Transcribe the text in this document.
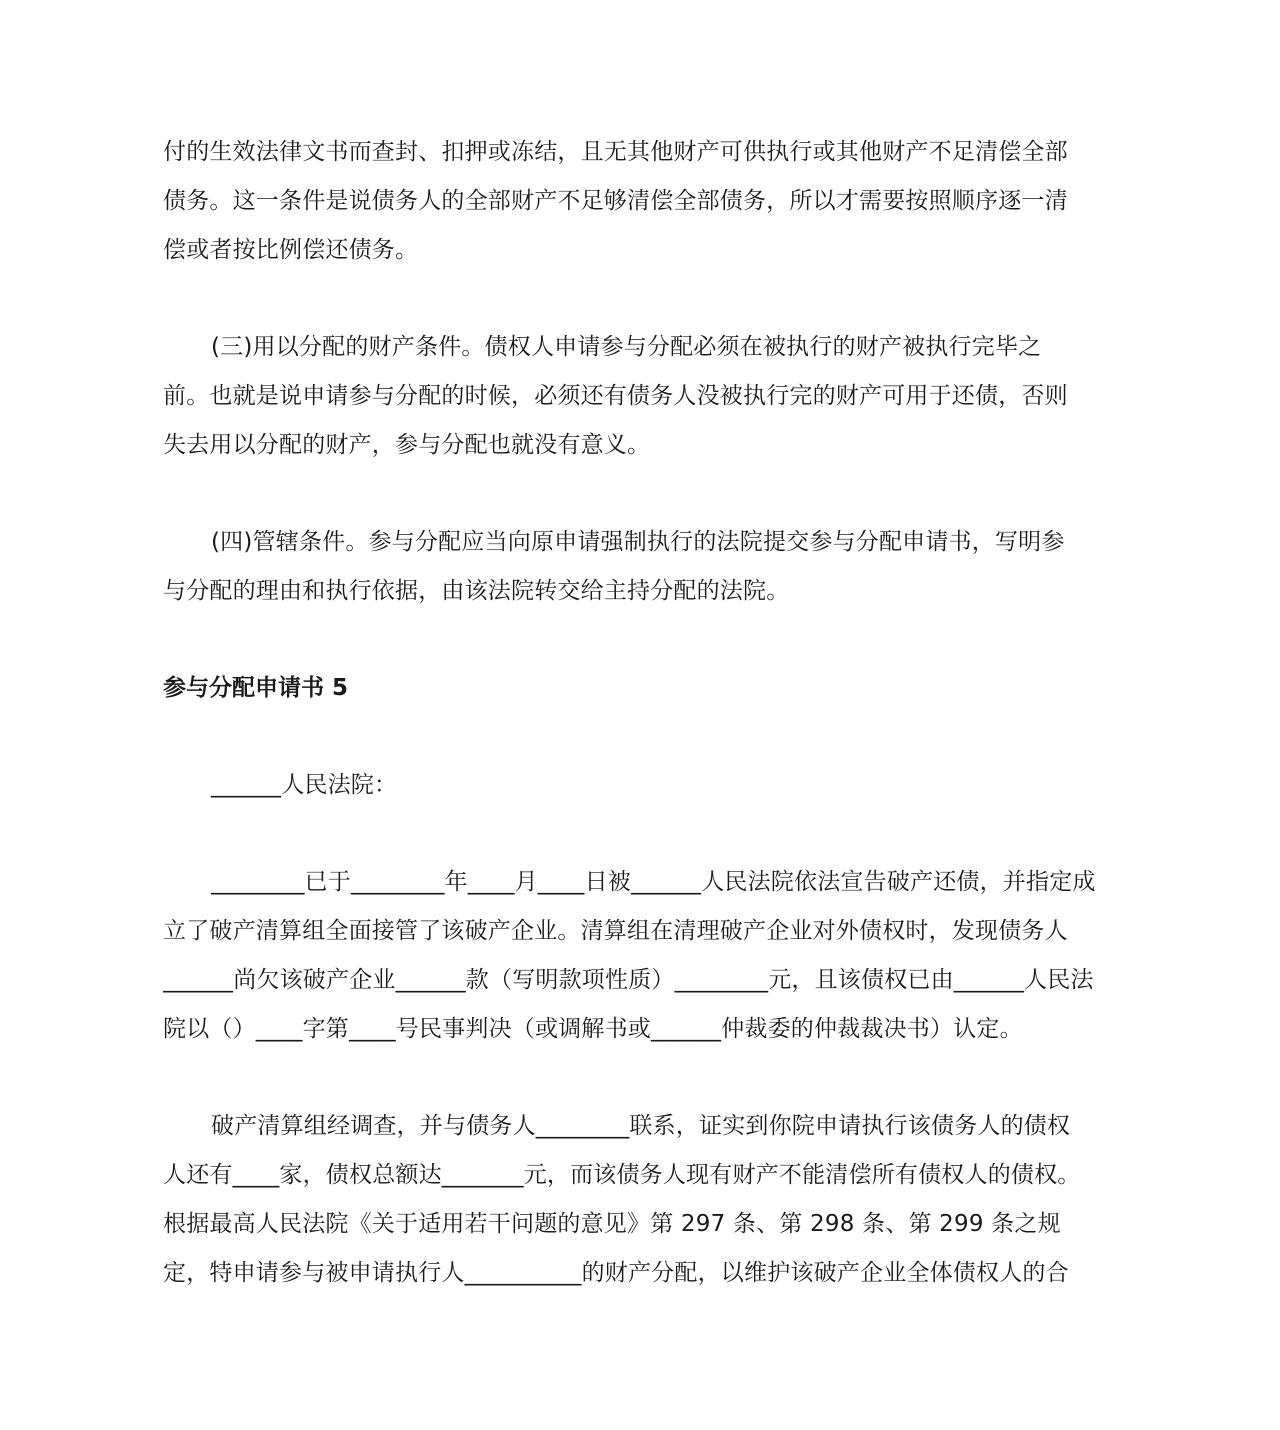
付的生效法律文书而查封、扣押或冻结，且无其他财产可供执行或其他财产不足清偿全部
债务。这一条件是说债务人的全部财产不足够清偿全部债务，所以才需要按照顺序逐一清
偿或者按比例偿还债务。

(三)用以分配的财产条件。债权人申请参与分配必须在被执行的财产被执行完毕之
前。也就是说申请参与分配的时候，必须还有债务人没被执行完的财产可用于还债，否则
失去用以分配的财产，参与分配也就没有意义。

(四)管辖条件。参与分配应当向原申请强制执行的法院提交参与分配申请书，写明参
与分配的理由和执行依据，由该法院转交给主持分配的法院。

参与分配申请书 5

______人民法院：

________已于________年____月____日被______人民法院依法宣告破产还债，并指定成
立了破产清算组全面接管了该破产企业。清算组在清理破产企业对外债权时，发现债务人
______尚欠该破产企业______款（写明款项性质）________元，且该债权已由______人民法
院以（）____字第____号民事判决（或调解书或______仲裁委的仲裁裁决书）认定。

破产清算组经调查，并与债务人________联系，证实到你院申请执行该债务人的债权
人还有____家，债权总额达_______元，而该债务人现有财产不能清偿所有债权人的债权。
根据最高人民法院《关于适用若干问题的意见》第 297 条、第 298 条、第 299 条之规
定，特申请参与被申请执行人__________的财产分配，以维护该破产企业全体债权人的合
